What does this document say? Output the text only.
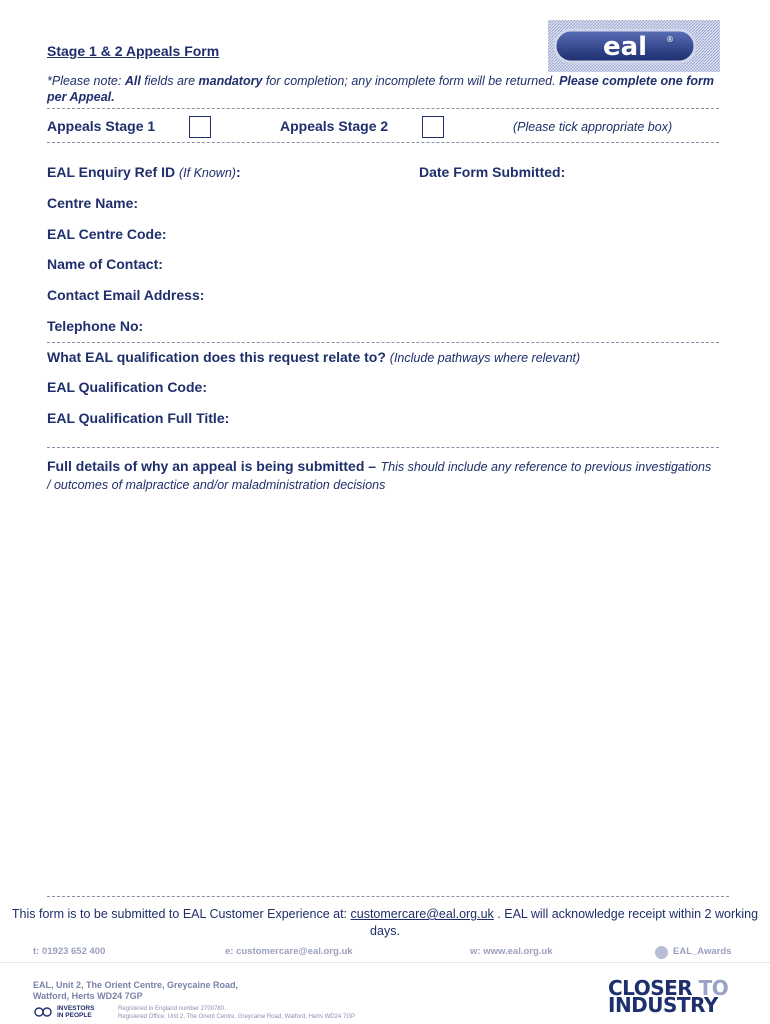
eal ®
Stage 1 & 2 Appeals Form
*Please note: All fields are mandatory for completion; any incomplete form will be returned. Please complete one form per Appeal.
Appeals Stage 1	Appeals Stage 2	(Please tick appropriate box)
EAL Enquiry Ref ID (If Known):	Date Form Submitted:
Centre Name:
EAL Centre Code:
Name of Contact:
Contact Email Address:
Telephone No:
What EAL qualification does this request relate to? (Include pathways where relevant)
EAL Qualification Code:
EAL Qualification Full Title:
Full details of why an appeal is being submitted – This should include any reference to previous investigations / outcomes of malpractice and/or maladministration decisions
This form is to be submitted to EAL Customer Experience at: customercare@eal.org.uk . EAL will acknowledge receipt within 2 working days.
t: 01923 652 400	e: customercare@eal.org.uk	w: www.eal.org.uk	EAL_Awards
EAL, Unit 2, The Orient Centre, Greycaine Road,
Watford, Herts WD24 7GP
INVESTORS
IN PEOPLE
Registered in England number 2700780.
Registered Office: Unit 2, The Orient Centre, Greycaine Road, Watford, Herts WD24 7GP
CLOSER TO
INDUSTRY
